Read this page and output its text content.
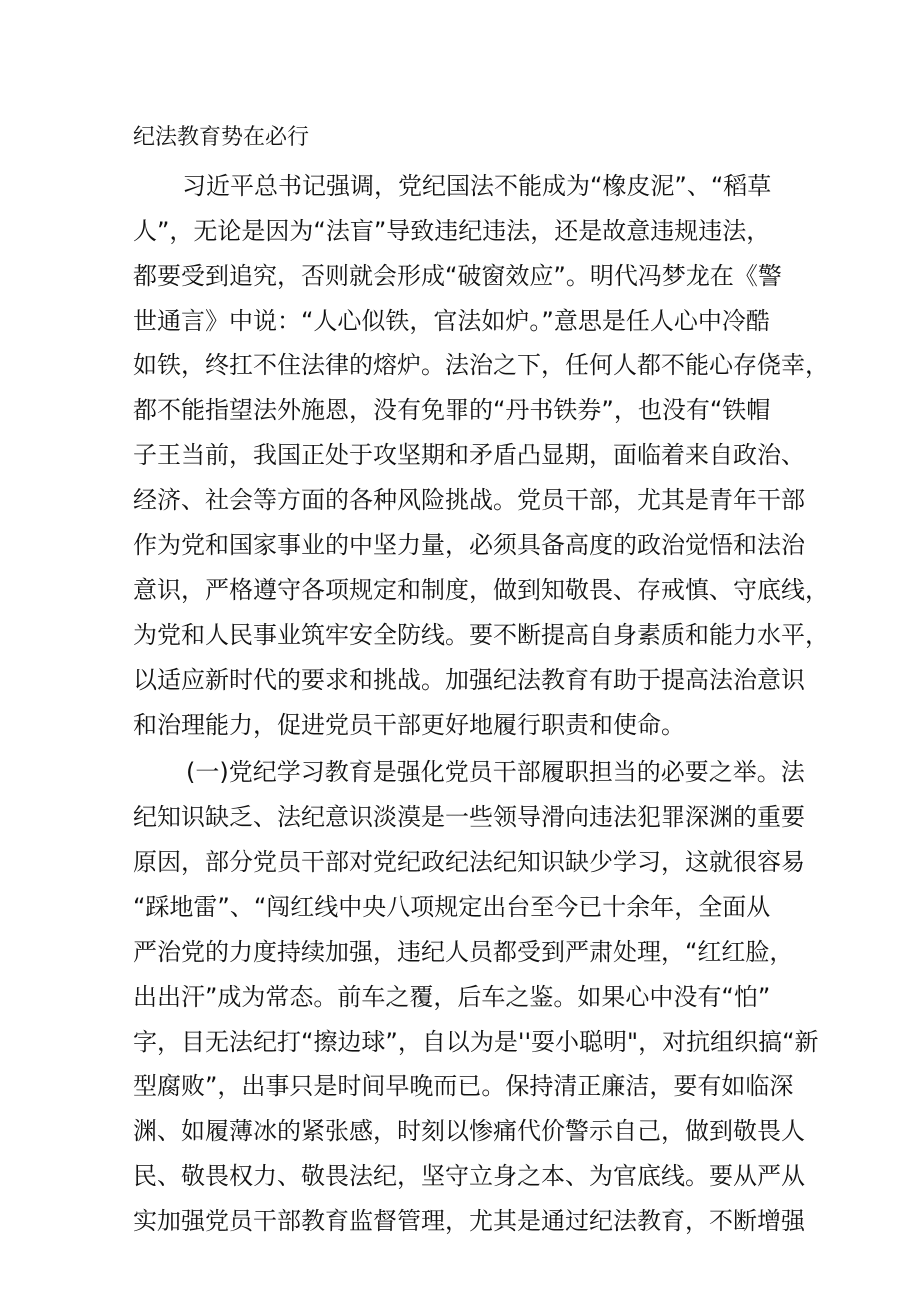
纪法教育势在必行

习近平总书记强调，党纪国法不能成为“橡皮泥”、“稻草

人”，无论是因为“法盲”导致违纪违法，还是故意违规违法，

都要受到追究，否则就会形成“破窗效应”。明代冯梦龙在《警

世通言》中说：“人心似铁，官法如炉。”意思是任人心中冷酷

如铁，终扛不住法律的熔炉。法治之下，任何人都不能心存侥幸，

都不能指望法外施恩，没有免罪的“丹书铁券”，也没有“铁帽

子王当前，我国正处于攻坚期和矛盾凸显期，面临着来自政治、

经济、社会等方面的各种风险挑战。党员干部，尤其是青年干部

作为党和国家事业的中坚力量，必须具备高度的政治觉悟和法治

意识，严格遵守各项规定和制度，做到知敬畏、存戒慎、守底线，

为党和人民事业筑牢安全防线。要不断提高自身素质和能力水平，

以适应新时代的要求和挑战。加强纪法教育有助于提高法治意识

和治理能力，促进党员干部更好地履行职责和使命。

(一)党纪学习教育是强化党员干部履职担当的必要之举。法

纪知识缺乏、法纪意识淡漠是一些领导滑向违法犯罪深渊的重要

原因，部分党员干部对党纪政纪法纪知识缺少学习，这就很容易

“踩地雷”、“闯红线中央八项规定出台至今已十余年，全面从

严治党的力度持续加强，违纪人员都受到严肃处理，“红红脸，

出出汗”成为常态。前车之覆，后车之鉴。如果心中没有“怕”

字，目无法纪打“擦边球”，自以为是''耍小聪明"，对抗组织搞“新

型腐败”，出事只是时间早晚而已。保持清正廉洁，要有如临深

渊、如履薄冰的紧张感，时刻以惨痛代价警示自己，做到敬畏人

民、敬畏权力、敬畏法纪，坚守立身之本、为官底线。要从严从

实加强党员干部教育监督管理，尤其是通过纪法教育，不断增强
